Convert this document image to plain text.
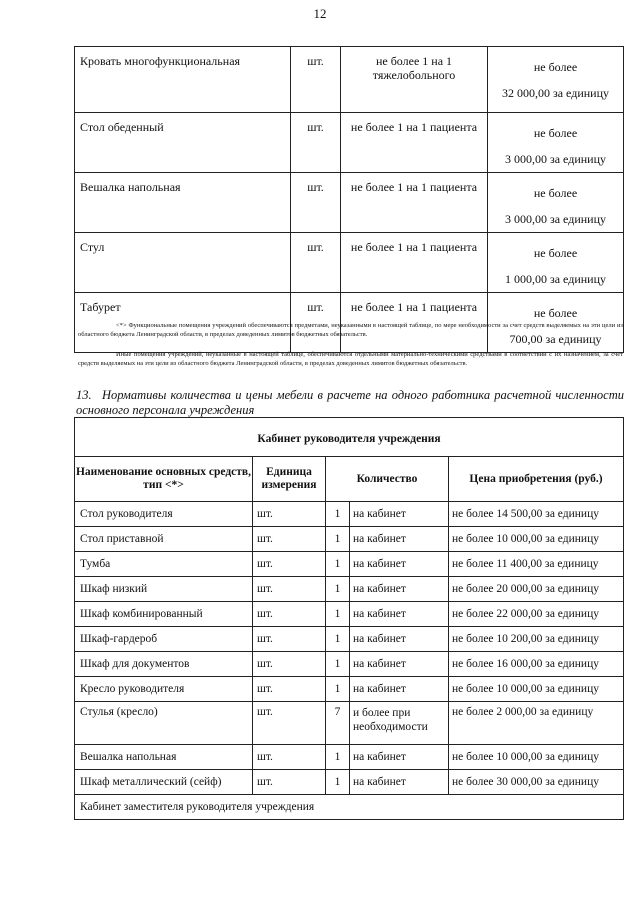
12
Кровать многофункциональная	шт.	не более 1 на 1 тяжелобольного	не более
32 000,00 за единицу

Стол обеденный	шт.	не более 1 на 1 пациента	не более
3 000,00 за единицу

Вешалка напольная	шт.	не более 1 на 1 пациента	не более
3 000,00 за единицу

Стул	шт.	не более 1 на 1 пациента	не более
1 000,00 за единицу

Табурет	шт.	не более 1 на 1 пациента	не более
700,00 за единицу
<*> Функциональные помещения учреждений обеспечиваются предметами, неуказанными в настоящей таблице, по мере необходимости за счет средств выделяемых на эти цели из областного бюджета Ленинградской области, в пределах доведенных лимитов бюджетных обязательств.
Иные помещения учреждений, неуказанные в настоящей таблице, обеспечиваются отдельными материально-техническими средствами в соответствии с их назначением, за счет средств выделяемых на эти цели из областного бюджета Ленинградской области, в пределах доведенных лимитов бюджетных обязательств.
13. Нормативы количества и цены мебели в расчете на одного работника расчетной численности основного персонала учреждения
Кабинет руководителя учреждения				
Наименование основных средств, тип <*>	Единица измерения	Количество		Цена приобретения (руб.)
Стол руководителя	шт.	1	на кабинет	не более 14 500,00 за единицу
Стол приставной	шт.	1	на кабинет	не более 10 000,00 за единицу
Тумба	шт.	1	на кабинет	не более 11 400,00 за единицу
Шкаф низкий	шт.	1	на кабинет	не более 20 000,00 за единицу
Шкаф комбинированный	шт.	1	на кабинет	не более 22 000,00 за единицу
Шкаф-гардероб	шт.	1	на кабинет	не более 10 200,00 за единицу
Шкаф для документов	шт.	1	на кабинет	не более 16 000,00 за единицу
Кресло руководителя	шт.	1	на кабинет	не более 10 000,00 за единицу
Стулья (кресло)	шт.	7	и более при необходимости	не более 2 000,00 за единицу
Вешалка напольная	шт.	1	на кабинет	не более 10 000,00 за единицу
Шкаф металлический (сейф)	шт.	1	на кабинет	не более 30 000,00 за единицу
Кабинет заместителя руководителя учреждения				
